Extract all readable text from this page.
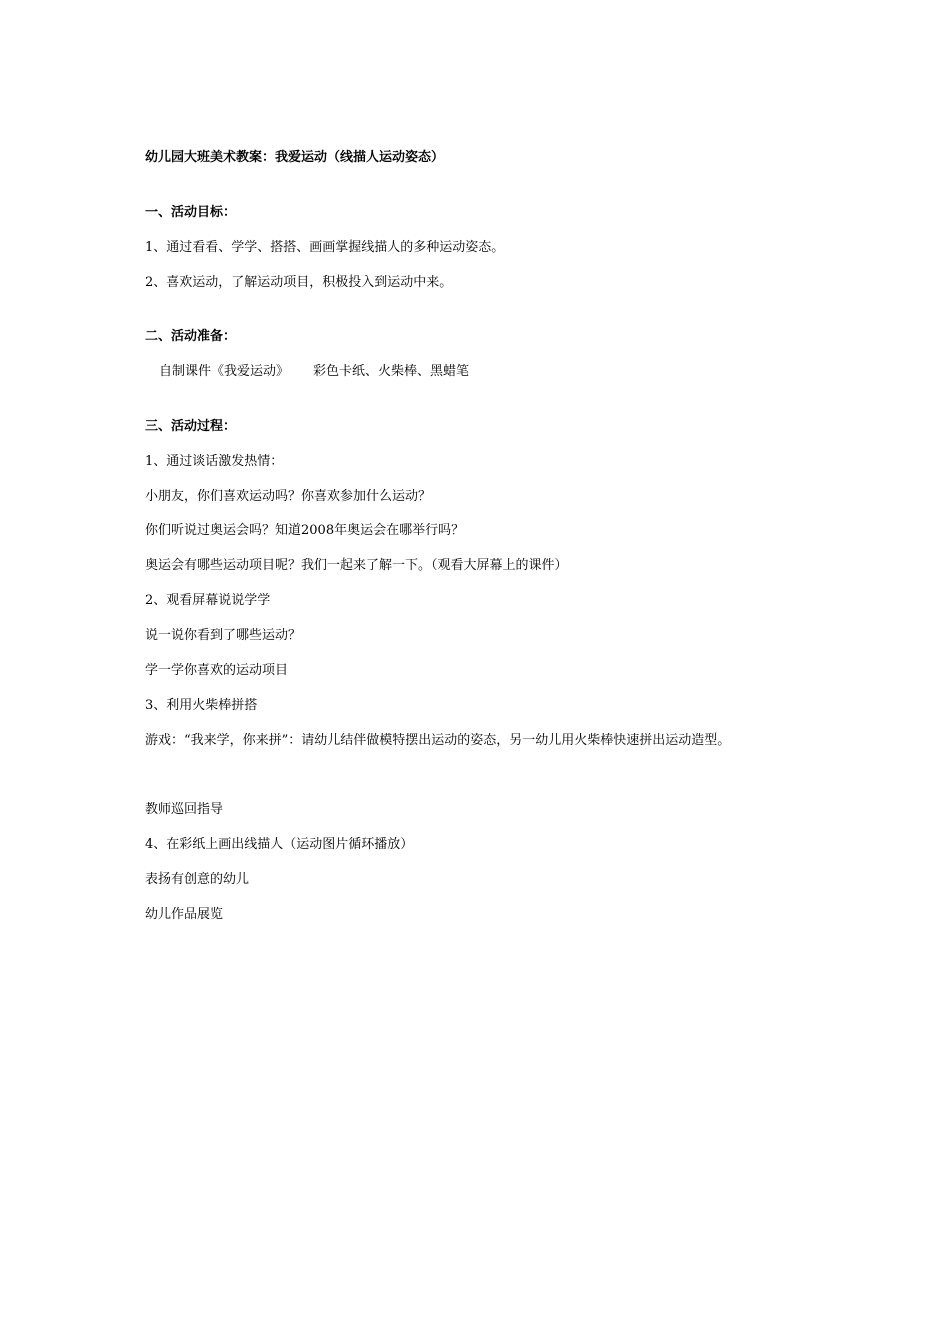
幼儿园大班美术教案：我爱运动（线描人运动姿态）
一、活动目标：
1、通过看看、学学、搭搭、画画掌握线描人的多种运动姿态。
2、喜欢运动，了解运动项目，积极投入到运动中来。
二、活动准备：
自制课件《我爱运动》 彩色卡纸、火柴棒、黑蜡笔
三、活动过程：
1、通过谈话激发热情：
小朋友，你们喜欢运动吗？你喜欢参加什么运动？
你们听说过奥运会吗？知道2008年奥运会在哪举行吗？
奥运会有哪些运动项目呢？我们一起来了解一下。（观看大屏幕上的课件）
2、观看屏幕说说学学
说一说你看到了哪些运动？
学一学你喜欢的运动项目
3、利用火柴棒拼搭
游戏：“我来学，你来拼”：请幼儿结伴做模特摆出运动的姿态，另一幼儿用火柴棒快速拼出运动造型。
教师巡回指导
4、在彩纸上画出线描人（运动图片循环播放）
表扬有创意的幼儿
幼儿作品展览
